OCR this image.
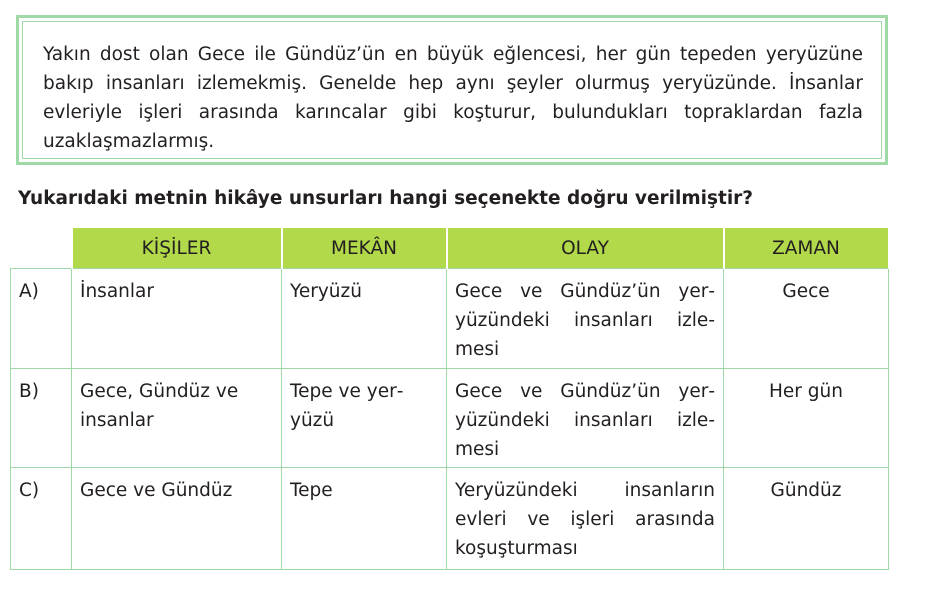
Yakın dost olan Gece ile Gündüz’ün en büyük eğlencesi, her gün tepeden yeryüzüne bakıp insanları izlemekmiş. Genelde hep aynı şeyler olurmuş yeryüzünde. İnsanlar evleriyle işleri arasında karıncalar gibi koşturur, bulundukları topraklardan fazla uzaklaşmazlarmış.

Yukarıdaki metnin hikâye unsurları hangi seçenekte doğru verilmiştir?

	KİŞİLER	MEKÂN	OLAY	ZAMAN
A)	İnsanlar	Yeryüzü	Gece ve Gündüz’ün yeryüzündeki insanları izlemesi	Gece
B)	Gece, Gündüz ve insanlar	Tepe ve yeryüzü	Gece ve Gündüz’ün yeryüzündeki insanları izlemesi	Her gün
C)	Gece ve Gündüz	Tepe	Yeryüzündeki insanların evleri ve işleri arasında koşuşturması	Gündüz
